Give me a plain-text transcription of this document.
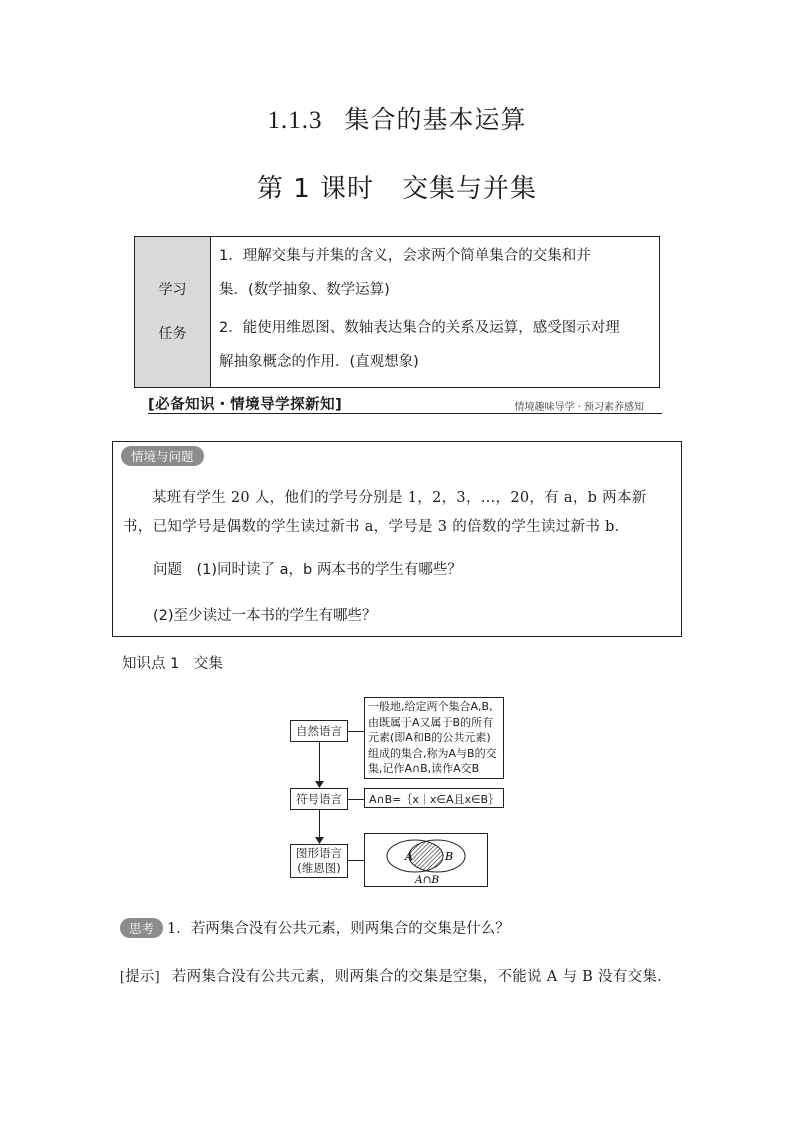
1.1.3 集合的基本运算
第 1 课时 交集与并集
学习
任务

1．理解交集与并集的含义，会求两个简单集合的交集和并

集．(数学抽象、数学运算)

2．能使用维恩图、数轴表达集合的关系及运算，感受图示对理

解抽象概念的作用．(直观想象)

[必备知识・情境导学探新知]	情境趣味导学 · 预习素养感知
情境与问题

某班有学生 20 人，他们的学号分别是 1，2，3，…，20，有 a，b 两本新书，已知学号是偶数的学生读过新书 a，学号是 3 的倍数的学生读过新书 b．

问题　(1)同时读了 a，b 两本书的学生有哪些？

(2)至少读过一本书的学生有哪些？

知识点 1　交集
自然语言
一般地,给定两个集合A,B,
由既属于A又属于B的所有
元素(即A和B的公共元素)
组成的集合,称为A与B的交
集,记作A∩B,读作A交B
符号语言	A∩B=｛x｜x∈A且x∈B｝
图形语言
(维恩图)
A	B
A∩B
思考 1．若两集合没有公共元素，则两集合的交集是什么？
[提示] 若两集合没有公共元素，则两集合的交集是空集，不能说 A 与 B 没有交集．
